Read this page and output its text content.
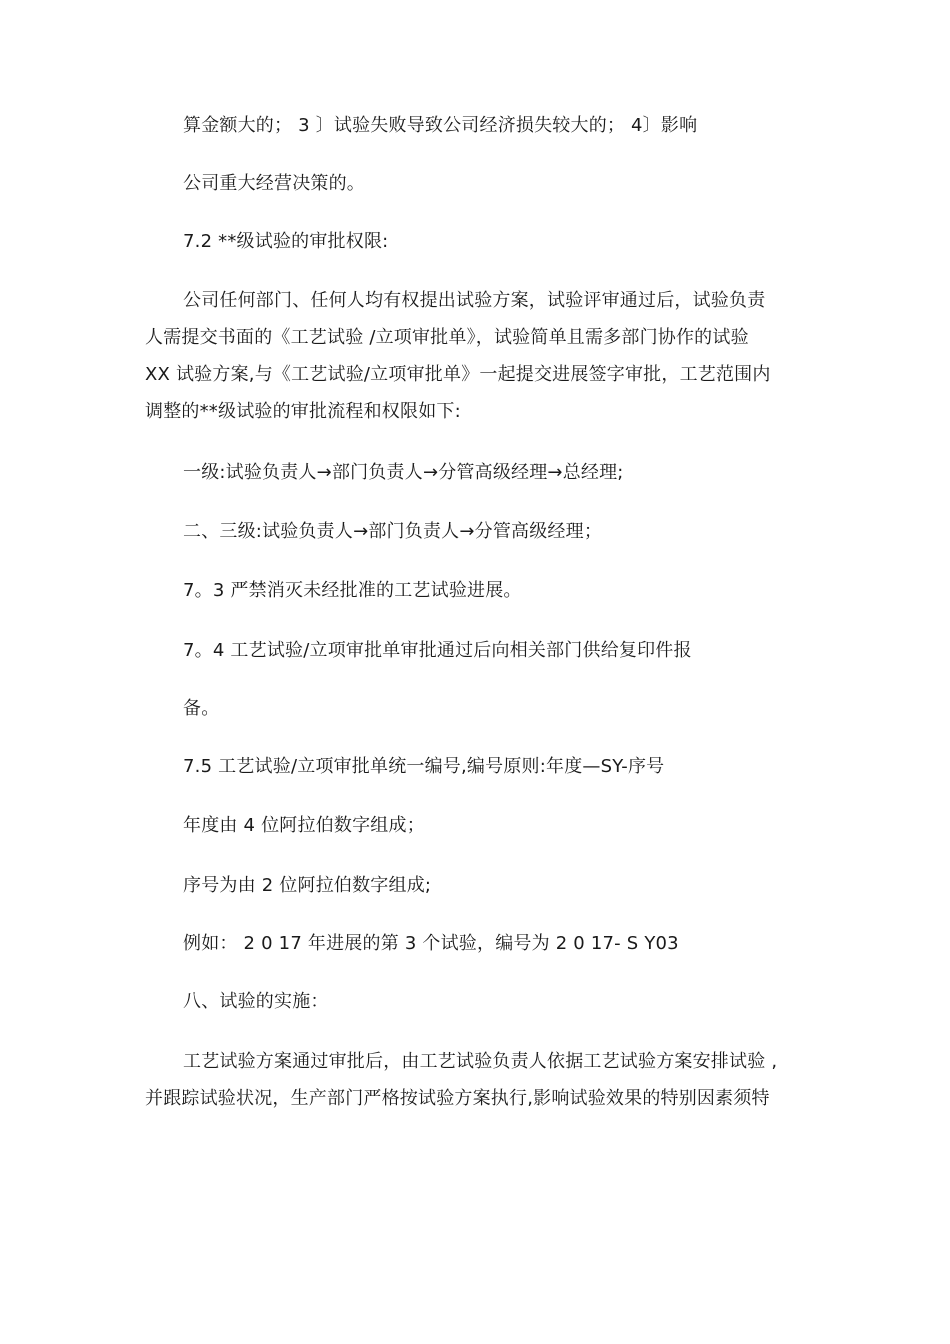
算金额大的； 3 〕试验失败导致公司经济损失较大的； 4〕影响
公司重大经营决策的。
7.2 **级试验的审批权限:
公司任何部门、任何人均有权提出试验方案，试验评审通过后，试验负责
人需提交书面的《工艺试验 /立项审批单》，试验简单且需多部门协作的试验
XX 试验方案,与《工艺试验/立项审批单》一起提交进展签字审批，工艺范围内
调整的**级试验的审批流程和权限如下:
一级:试验负责人→部门负责人→分管高级经理→总经理;
二、三级:试验负责人→部门负责人→分管高级经理；
7。3 严禁消灭未经批准的工艺试验进展。
7。4 工艺试验/立项审批单审批通过后向相关部门供给复印件报
备。
7.5 工艺试验/立项审批单统一编号,编号原则:年度—SY-序号
年度由 4 位阿拉伯数字组成；
序号为由 2 位阿拉伯数字组成;
例如： 2 0 17 年进展的第 3 个试验，编号为 2 0 17- S Y03
八、试验的实施：
工艺试验方案通过审批后，由工艺试验负责人依据工艺试验方案安排试验 ,
并跟踪试验状况，生产部门严格按试验方案执行,影响试验效果的特别因素须特
